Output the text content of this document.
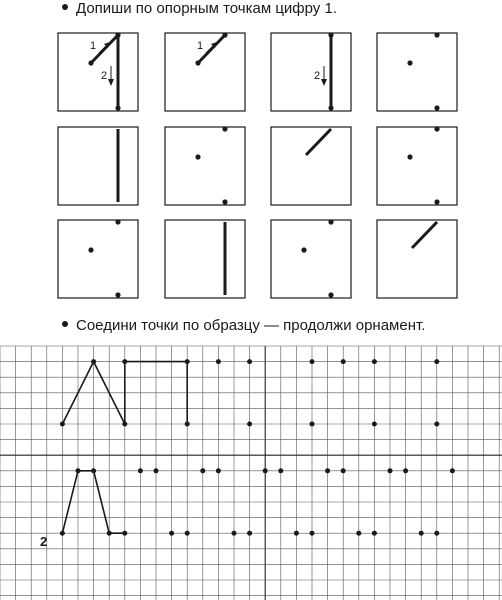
Допиши по опорным точкам цифру 1.
1
2
1
2
Соедини точки по образцу — продолжи орнамент.
2
